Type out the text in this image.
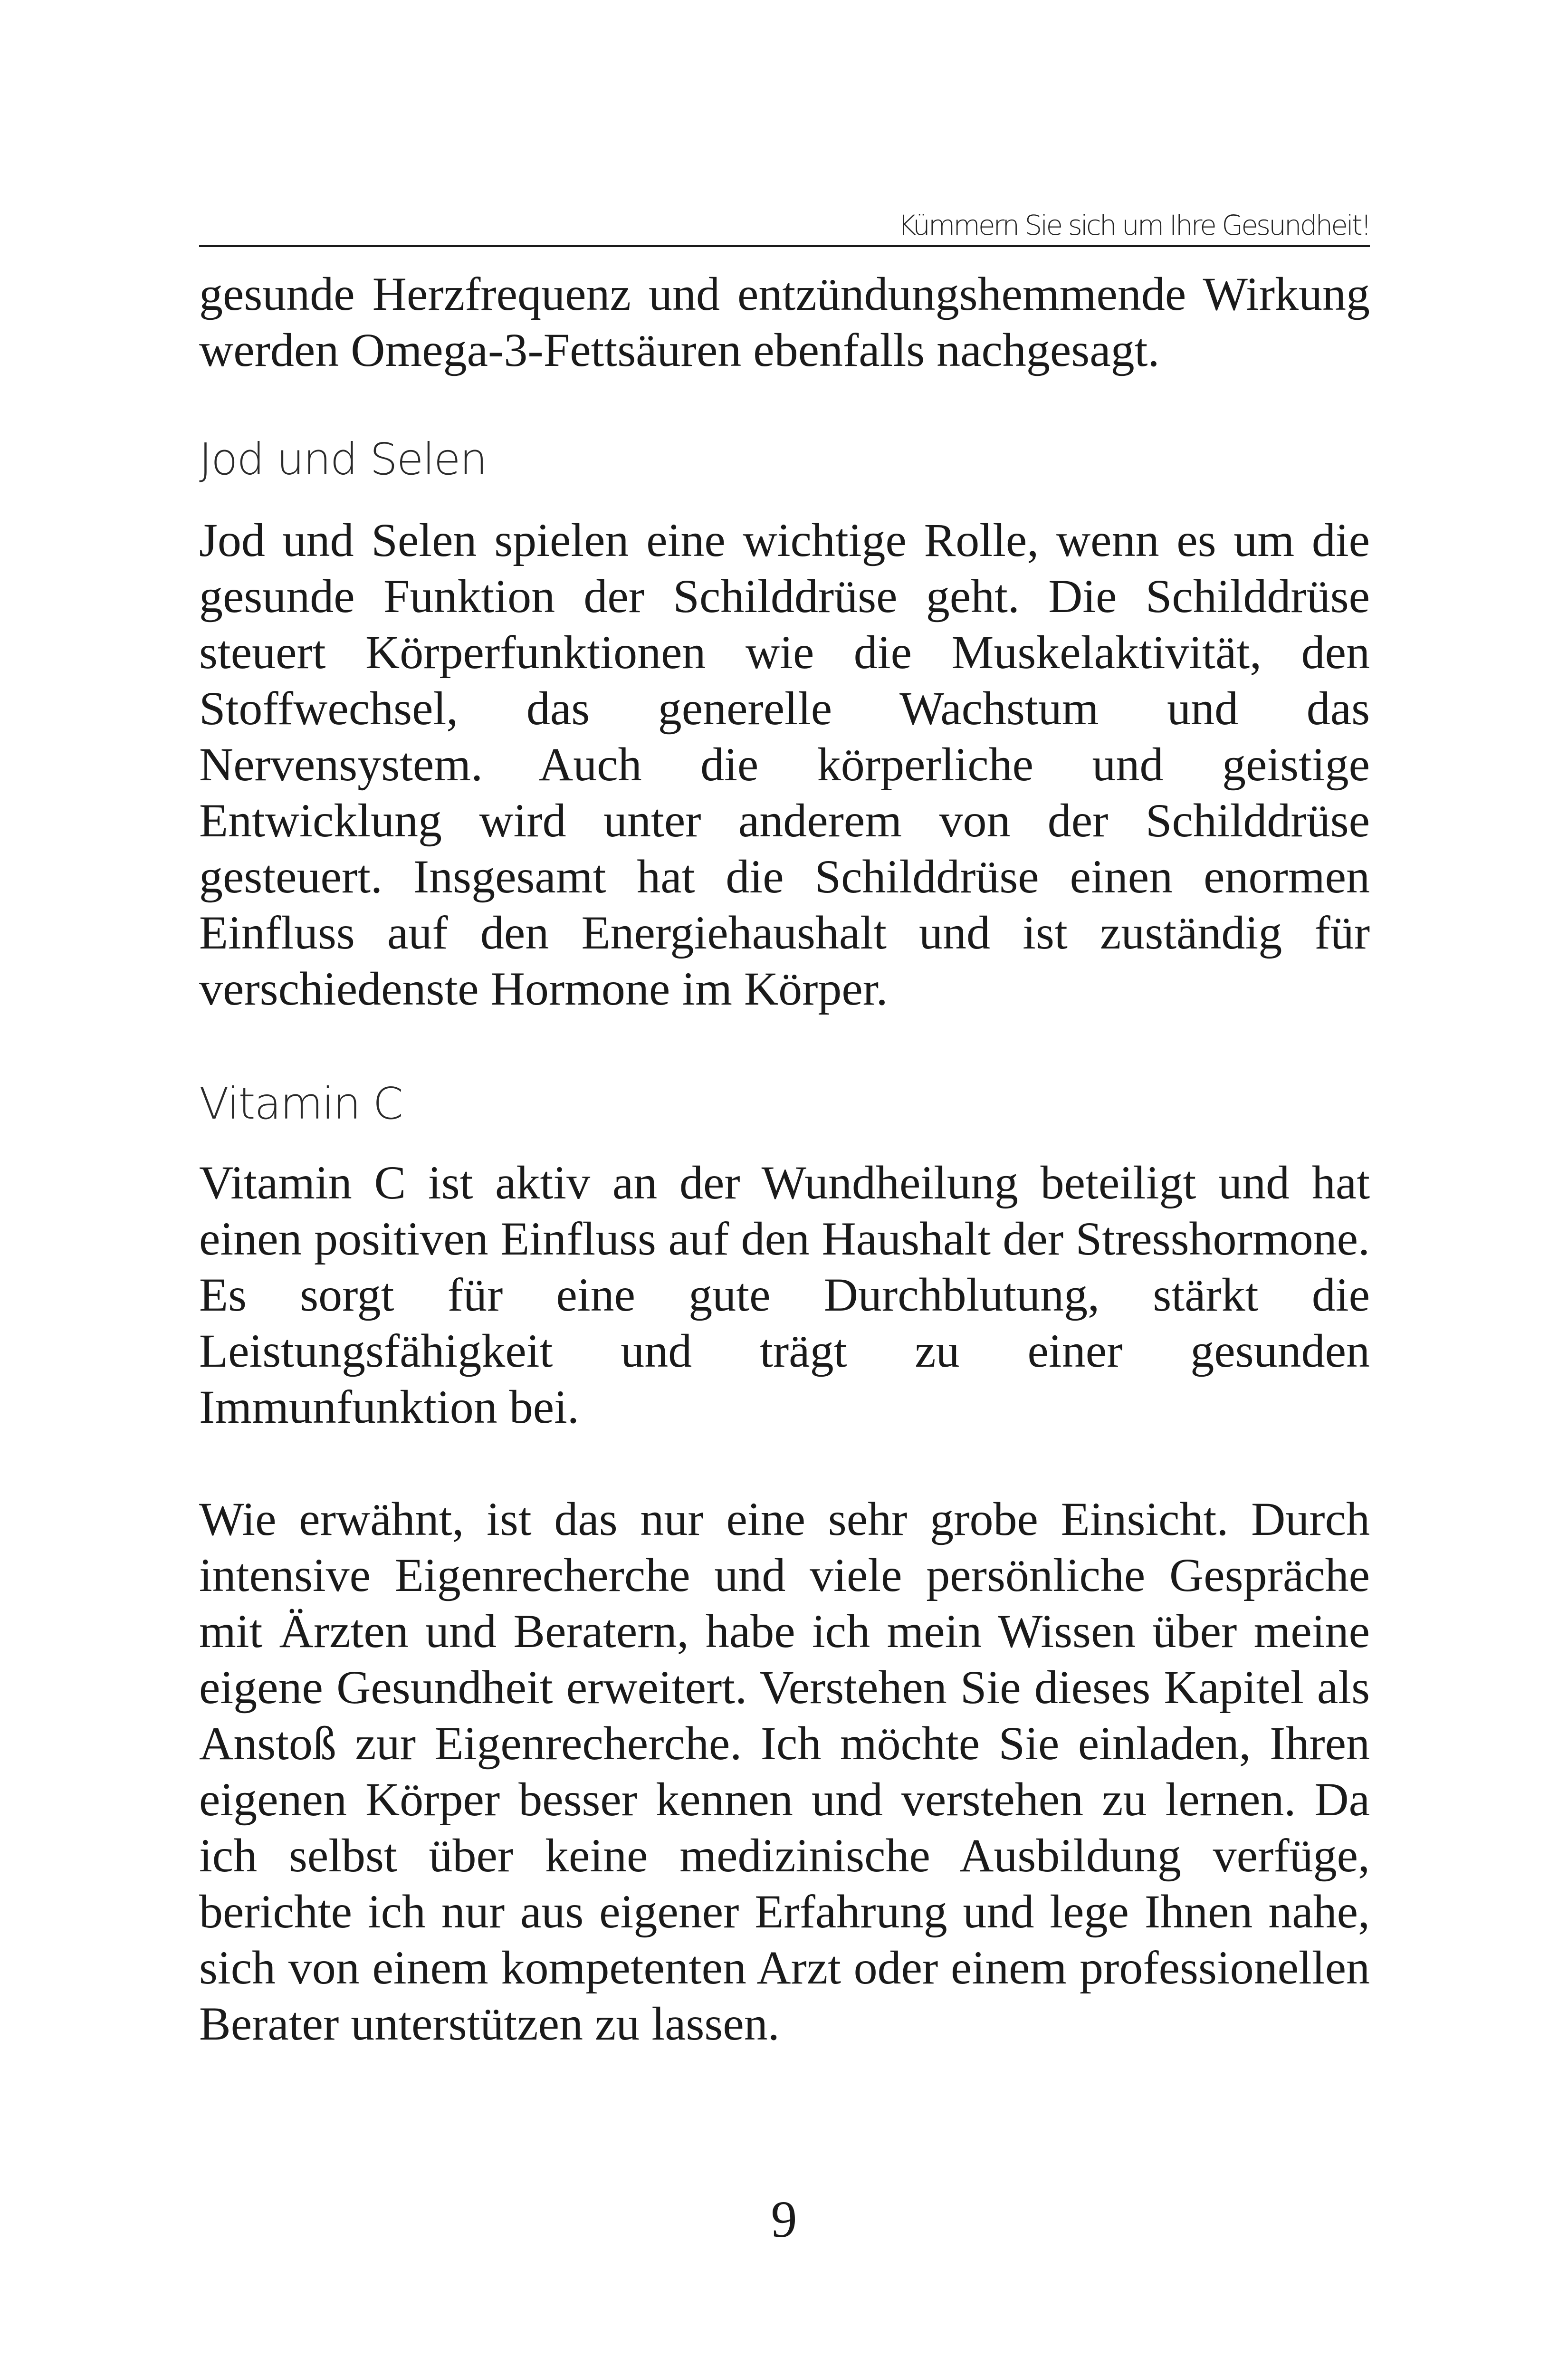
Kümmern Sie sich um Ihre Gesundheit!

gesunde Herzfrequenz und entzündungshemmende Wirkung werden Omega-3-Fettsäuren ebenfalls nachgesagt.

Jod und Selen

Jod und Selen spielen eine wichtige Rolle, wenn es um die gesunde Funktion der Schilddrüse geht. Die Schilddrüse steuert Körperfunktionen wie die Muskelaktivität, den Stoffwechsel, das generelle Wachstum und das Nervensystem. Auch die körperliche und geistige Entwicklung wird unter anderem von der Schilddrüse gesteuert. Insgesamt hat die Schilddrüse einen enormen Einfluss auf den Energiehaushalt und ist zuständig für verschiedenste Hormone im Körper.

Vitamin C

Vitamin C ist aktiv an der Wundheilung beteiligt und hat einen positiven Einfluss auf den Haushalt der Stresshormone. Es sorgt für eine gute Durchblutung, stärkt die Leistungsfähigkeit und trägt zu einer gesunden Immunfunktion bei.

Wie erwähnt, ist das nur eine sehr grobe Einsicht. Durch intensive Eigenrecherche und viele persönliche Gespräche mit Ärzten und Beratern, habe ich mein Wissen über meine eigene Gesundheit erweitert. Verstehen Sie dieses Kapitel als Anstoß zur Eigenrecherche. Ich möchte Sie einladen, Ihren eigenen Körper besser kennen und verstehen zu lernen. Da ich selbst über keine medizinische Ausbildung verfüge, berichte ich nur aus eigener Erfahrung und lege Ihnen nahe, sich von einem kompetenten Arzt oder einem professionellen Berater unterstützen zu lassen.

9
